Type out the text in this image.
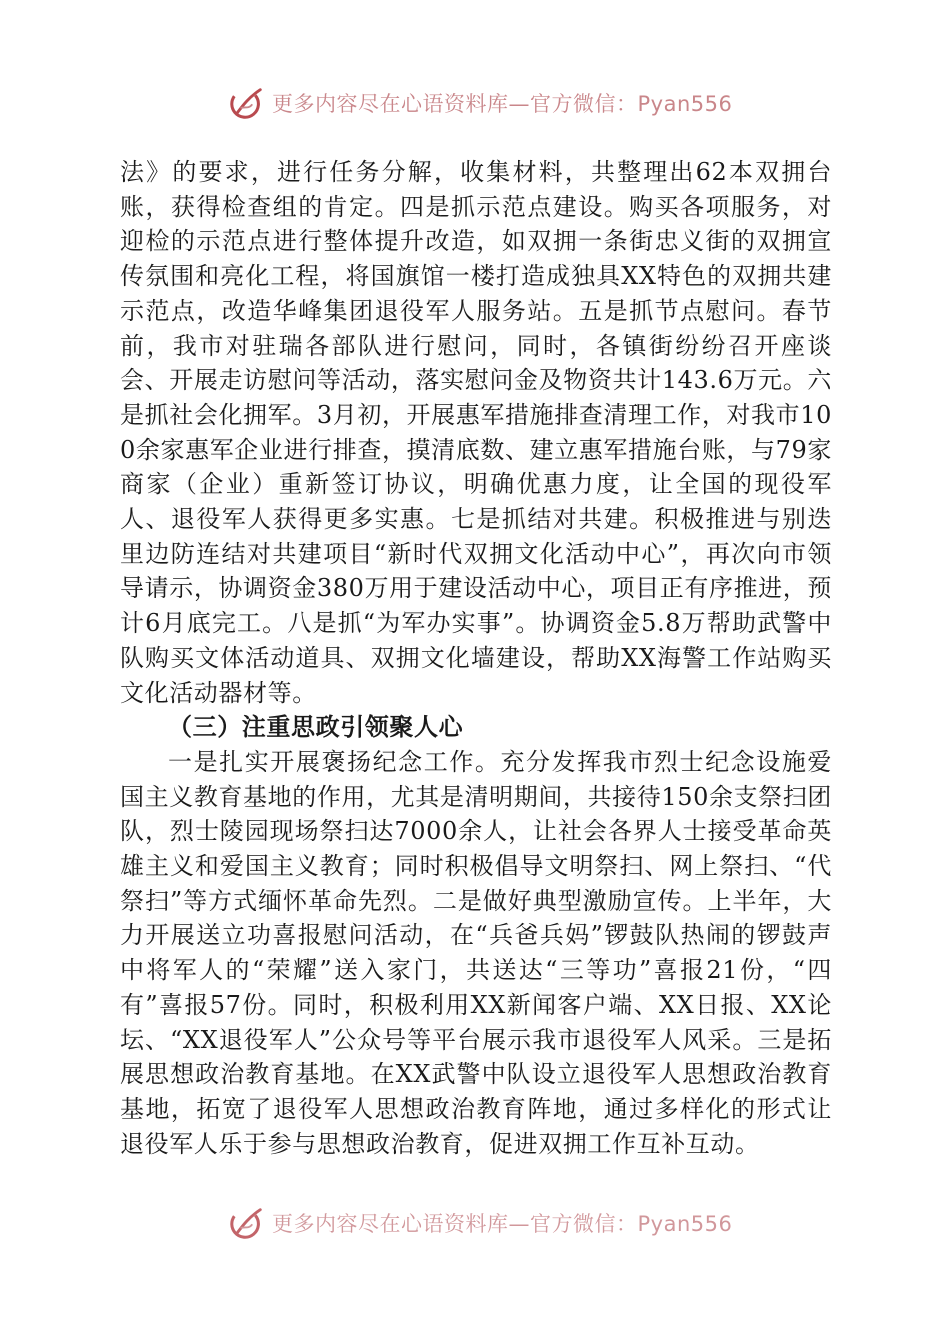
更多内容尽在心语资料库—官方微信：Pyan556

法》的要求，进行任务分解，收集材料，共整理出62本双拥台账，获得检查组的肯定。四是抓示范点建设。购买各项服务，对迎检的示范点进行整体提升改造，如双拥一条街忠义街的双拥宣传氛围和亮化工程，将国旗馆一楼打造成独具XX特色的双拥共建示范点，改造华峰集团退役军人服务站。五是抓节点慰问。春节前，我市对驻瑞各部队进行慰问，同时，各镇街纷纷召开座谈会、开展走访慰问等活动，落实慰问金及物资共计143.6万元。六是抓社会化拥军。3月初，开展惠军措施排查清理工作，对我市100余家惠军企业进行排查，摸清底数、建立惠军措施台账，与79家商家（企业）重新签订协议，明确优惠力度，让全国的现役军人、退役军人获得更多实惠。七是抓结对共建。积极推进与别迭里边防连结对共建项目“新时代双拥文化活动中心”，再次向市领导请示，协调资金380万用于建设活动中心，项目正有序推进，预计6月底完工。八是抓“为军办实事”。协调资金5.8万帮助武警中队购买文体活动道具、双拥文化墙建设，帮助XX海警工作站购买文化活动器材等。

（三）注重思政引领聚人心

一是扎实开展褒扬纪念工作。充分发挥我市烈士纪念设施爱国主义教育基地的作用，尤其是清明期间，共接待150余支祭扫团队，烈士陵园现场祭扫达7000余人，让社会各界人士接受革命英雄主义和爱国主义教育；同时积极倡导文明祭扫、网上祭扫、“代祭扫”等方式缅怀革命先烈。二是做好典型激励宣传。上半年，大力开展送立功喜报慰问活动，在“兵爸兵妈”锣鼓队热闹的锣鼓声中将军人的“荣耀”送入家门，共送达“三等功”喜报21份，“四有”喜报57份。同时，积极利用XX新闻客户端、XX日报、XX论坛、“XX退役军人”公众号等平台展示我市退役军人风采。三是拓展思想政治教育基地。在XX武警中队设立退役军人思想政治教育基地，拓宽了退役军人思想政治教育阵地，通过多样化的形式让退役军人乐于参与思想政治教育，促进双拥工作互补互动。

更多内容尽在心语资料库—官方微信：Pyan556
